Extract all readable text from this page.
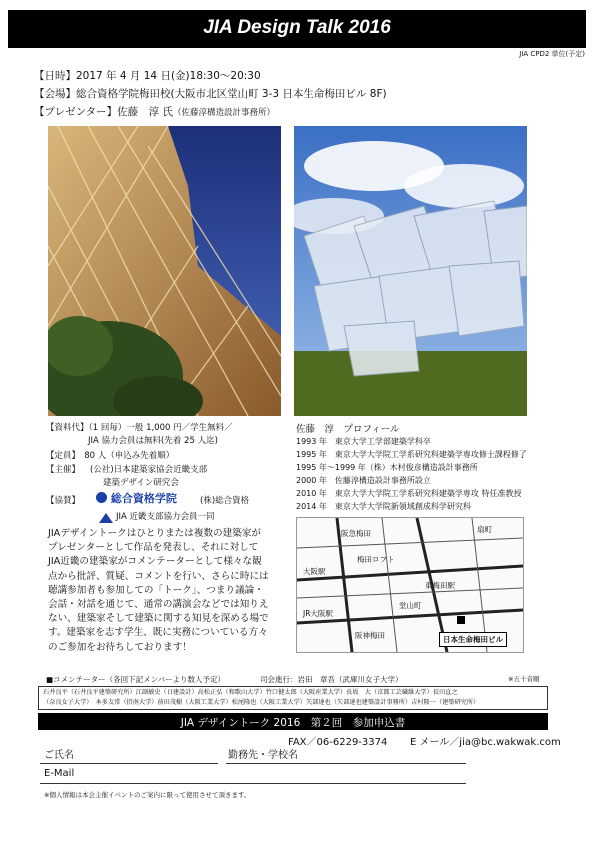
JIA Design Talk 2016
JIA CPD2 単位(予定)
【日時】2017 年 4 月 14 日(金)18:30～20:30
【会場】総合資格学院梅田校(大阪市北区堂山町 3-3 日本生命梅田ビル 8F)
【プレゼンター】佐藤　淳 氏（佐藤淳構造設計事務所）
【資料代】（1 回毎）一般 1,000 円／学生無料／
JIA 協力会員は無料(先着 25 人迄)
【定員】　80 人（申込み先着順）
【主催】 (公社)日本建築家協会近畿支部
建築デザイン研究会
【協賛】	総合資格学院	(株)総合資格
JIA 近畿支部協力会員一同
JIAデザイントークはひとりまたは複数の建築家が
プレゼンターとして作品を発表し、それに対して
JIA近畿の建築家がコメンテーターとして様々な観
点から批評、質疑、コメントを行い、さらに時には
聴講参加者も参加しての「トーク」、つまり議論・
会話・対話を通じて、通常の講演会などでは知りえ
ない、建築家そして建築に関する知見を深める場で
す。建築家を志す学生、既に実務についている方々
のご参加をお待ちしております！
佐藤　淳　プロフィール
1993 年　東京大学工学部建築学科卒
1995 年　東京大学大学院工学系研究科建築学専攻修士課程修了
1995 年～1999 年（株）木村俊彦構造設計事務所
2000 年　佐藤淳構造設計事務所設立
2010 年　東京大学大学院工学系研究科建築学専攻 特任准教授
2014 年　東京大学大学院新領域創成科学研究科
阪急梅田
梅田ロフト
大阪駅
東梅田駅
堂山町
JR大阪駅
阪神梅田
扇町
日本生命梅田ビル
■コメンテーター（各回下記メンバーより数人予定）	司会進行：岩田　章吾（武庫川女子大学）	※五十音順
石井良平（石井良平建築研究所）江副敏史（日建設計）高松正弘（和歌山大学）竹口健太郎（大阪産業大学）長坂　大（京都工芸繊維大学）長田直之
（奈良女子大学）　本多友常（摂南大学）前田茂樹（大阪工業大学）松尾隆也（大阪工業大学）矢部達也（矢部達也建築設計事務所）吉村隆一（建築研究所）
JIA デザイントーク 2016　第２回　参加申込書
FAX／06-6229-3374 E メール／jia@bc.wakwak.com
ご氏名	勤務先・学校名
E-Mail
※個人情報は本会主催イベントのご案内に限って使用させて頂きます。
